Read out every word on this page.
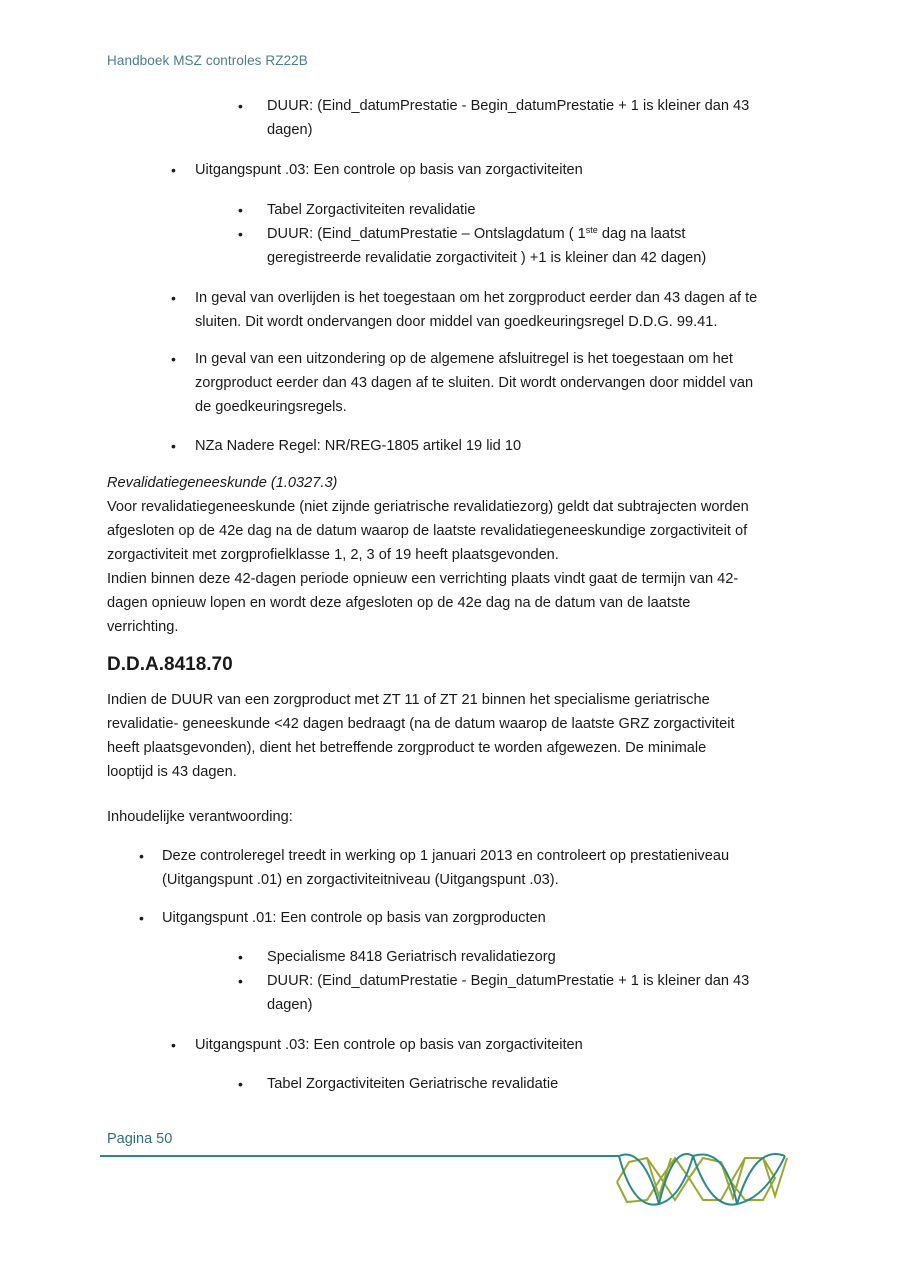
Handboek MSZ controles RZ22B
• DUUR: (Eind_datumPrestatie - Begin_datumPrestatie + 1 is kleiner dan 43
dagen)
• Uitgangspunt .03: Een controle op basis van zorgactiviteiten
• Tabel Zorgactiviteiten revalidatie
• DUUR: (Eind_datumPrestatie – Ontslagdatum ( 1ste dag na laatst
geregistreerde revalidatie zorgactiviteit ) +1 is kleiner dan 42 dagen)
• In geval van overlijden is het toegestaan om het zorgproduct eerder dan 43 dagen af te
sluiten. Dit wordt ondervangen door middel van goedkeuringsregel D.D.G. 99.41.
• In geval van een uitzondering op de algemene afsluitregel is het toegestaan om het
zorgproduct eerder dan 43 dagen af te sluiten. Dit wordt ondervangen door middel van
de goedkeuringsregels.
• NZa Nadere Regel: NR/REG-1805 artikel 19 lid 10
Revalidatiegeneeskunde (1.0327.3)
Voor revalidatiegeneeskunde (niet zijnde geriatrische revalidatiezorg) geldt dat subtrajecten worden
afgesloten op de 42e dag na de datum waarop de laatste revalidatiegeneeskundige zorgactiviteit of
zorgactiviteit met zorgprofielklasse 1, 2, 3 of 19 heeft plaatsgevonden.
Indien binnen deze 42-dagen periode opnieuw een verrichting plaats vindt gaat de termijn van 42-
dagen opnieuw lopen en wordt deze afgesloten op de 42e dag na de datum van de laatste
verrichting.
D.D.A.8418.70
Indien de DUUR van een zorgproduct met ZT 11 of ZT 21 binnen het specialisme geriatrische
revalidatie- geneeskunde <42 dagen bedraagt (na de datum waarop de laatste GRZ zorgactiviteit
heeft plaatsgevonden), dient het betreffende zorgproduct te worden afgewezen. De minimale
looptijd is 43 dagen.
Inhoudelijke verantwoording:
• Deze controleregel treedt in werking op 1 januari 2013 en controleert op prestatieniveau
(Uitgangspunt .01) en zorgactiviteitniveau (Uitgangspunt .03).
• Uitgangspunt .01: Een controle op basis van zorgproducten
• Specialisme 8418 Geriatrisch revalidatiezorg
• DUUR: (Eind_datumPrestatie - Begin_datumPrestatie + 1 is kleiner dan 43
dagen)
• Uitgangspunt .03: Een controle op basis van zorgactiviteiten
• Tabel Zorgactiviteiten Geriatrische revalidatie
Pagina 50
